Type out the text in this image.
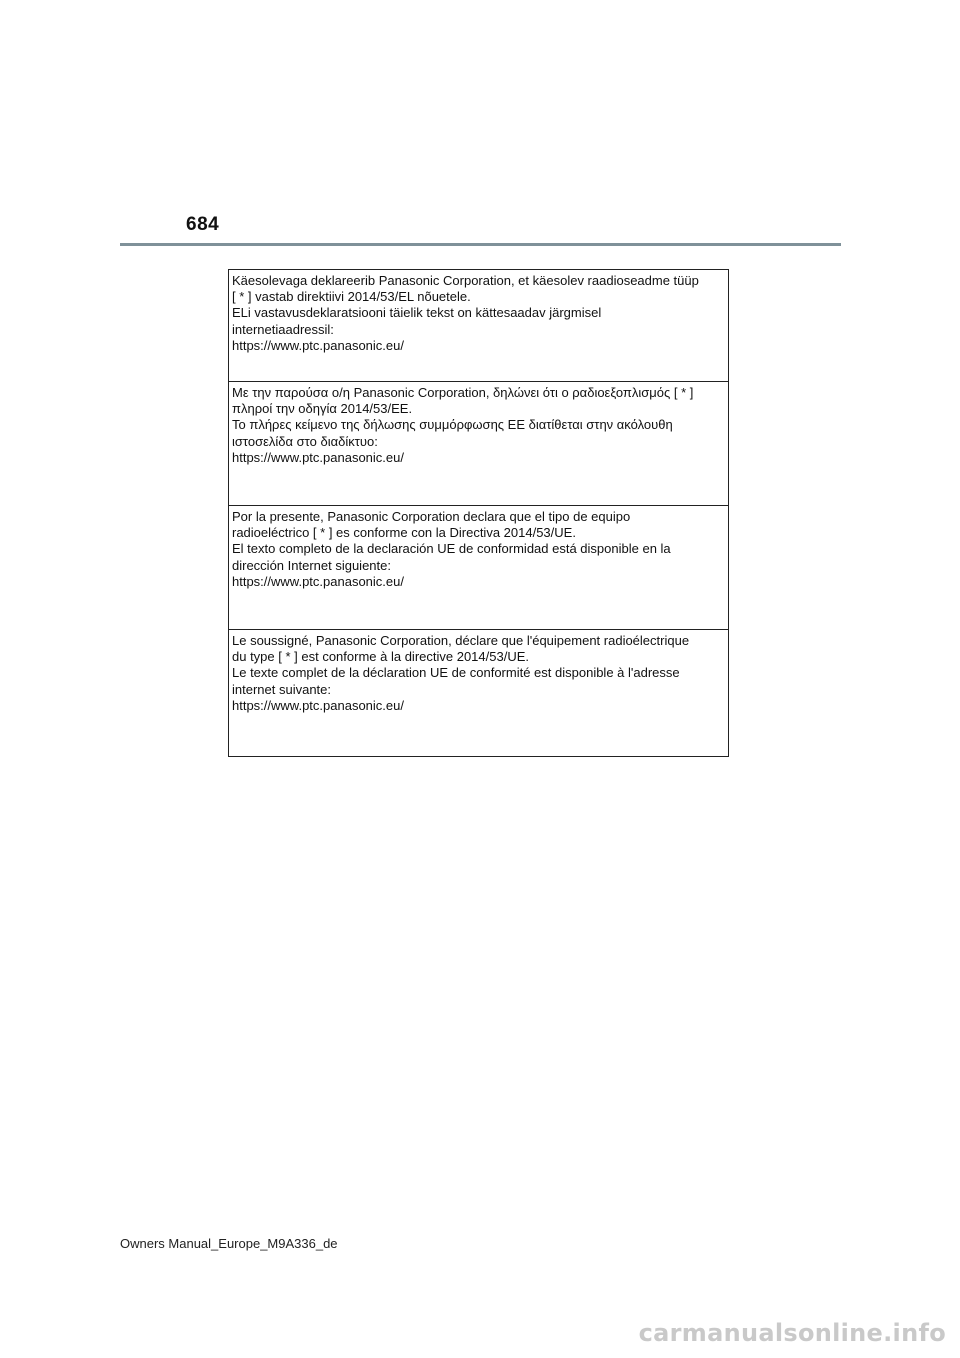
684

Käesolevaga deklareerib Panasonic Corporation, et käesolev raadioseadme tüüp

[ * ] vastab direktiivi 2014/53/EL nõuetele.

ELi vastavusdeklaratsiooni täielik tekst on kättesaadav järgmisel

internetiaadressil:

https://www.ptc.panasonic.eu/

Με την παρούσα ο/η Panasonic Corporation, δηλώνει ότι ο ραδιοεξοπλισμός [ * ]

πληροί την οδηγία 2014/53/ΕΕ.

Το πλήρες κείμενο της δήλωσης συμμόρφωσης ΕΕ διατίθεται στην ακόλουθη

ιστοσελίδα στο διαδίκτυο:

https://www.ptc.panasonic.eu/

Por la presente, Panasonic Corporation declara que el tipo de equipo

radioeléctrico [ * ] es conforme con la Directiva 2014/53/UE.

El texto completo de la declaración UE de conformidad está disponible en la

dirección Internet siguiente:

https://www.ptc.panasonic.eu/

Le soussigné, Panasonic Corporation, déclare que l'équipement radioélectrique

du type [ * ] est conforme à la directive 2014/53/UE.

Le texte complet de la déclaration UE de conformité est disponible à l'adresse

internet suivante:

https://www.ptc.panasonic.eu/

Owners Manual_Europe_M9A336_de
carmanualsonline.info
